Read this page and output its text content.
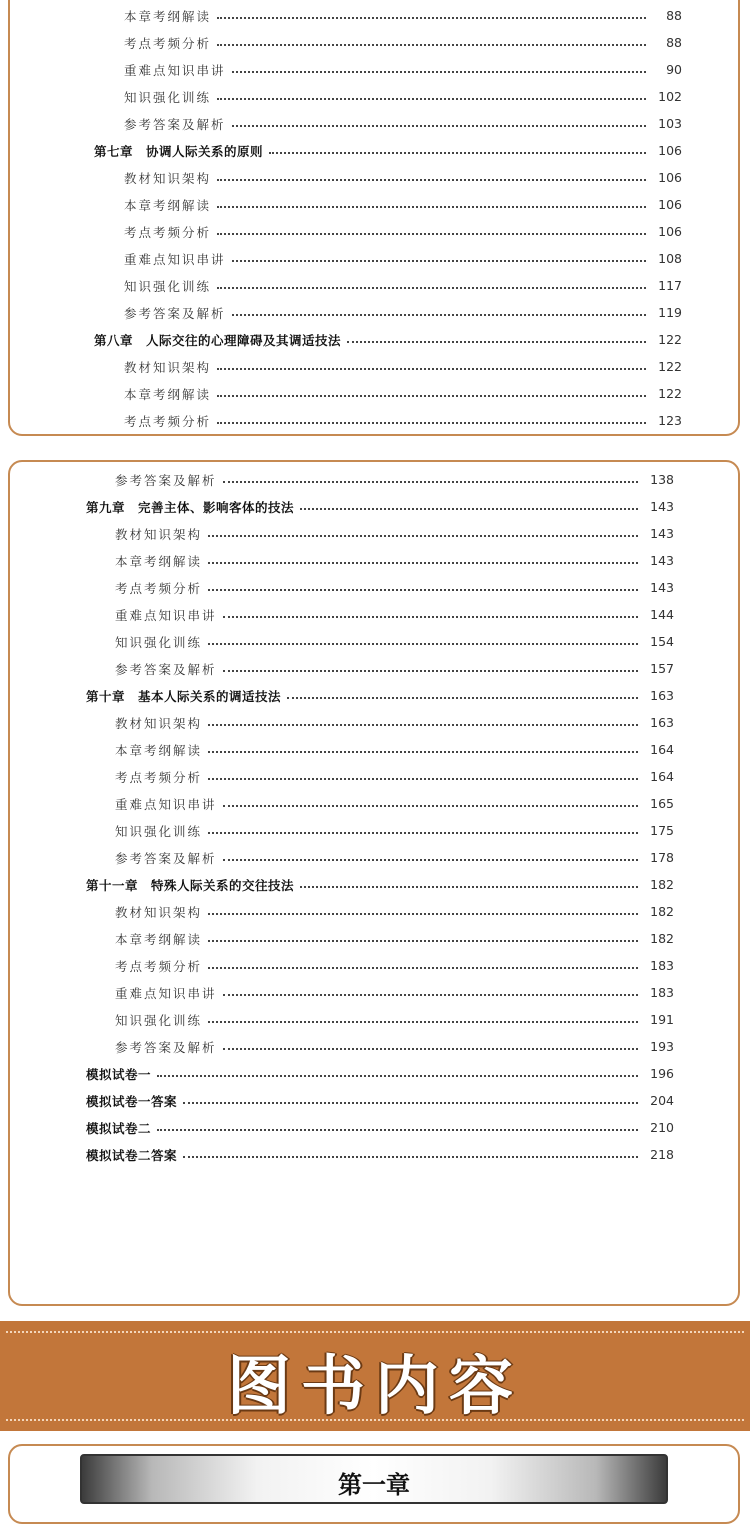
本章考纲解读	88
考点考频分析	88
重难点知识串讲	90
知识强化训练	102
参考答案及解析	103
第七章　协调人际关系的原则	106
教材知识架构	106
本章考纲解读	106
考点考频分析	106
重难点知识串讲	108
知识强化训练	117
参考答案及解析	119
第八章　人际交往的心理障碍及其调适技法	122
教材知识架构	122
本章考纲解读	122
考点考频分析	123
参考答案及解析	138
第九章　完善主体、影响客体的技法	143
教材知识架构	143
本章考纲解读	143
考点考频分析	143
重难点知识串讲	144
知识强化训练	154
参考答案及解析	157
第十章　基本人际关系的调适技法	163
教材知识架构	163
本章考纲解读	164
考点考频分析	164
重难点知识串讲	165
知识强化训练	175
参考答案及解析	178
第十一章　特殊人际关系的交往技法	182
教材知识架构	182
本章考纲解读	182
考点考频分析	183
重难点知识串讲	183
知识强化训练	191
参考答案及解析	193
模拟试卷一	196
模拟试卷一答案	204
模拟试卷二	210
模拟试卷二答案	218
图书内容
第一章
